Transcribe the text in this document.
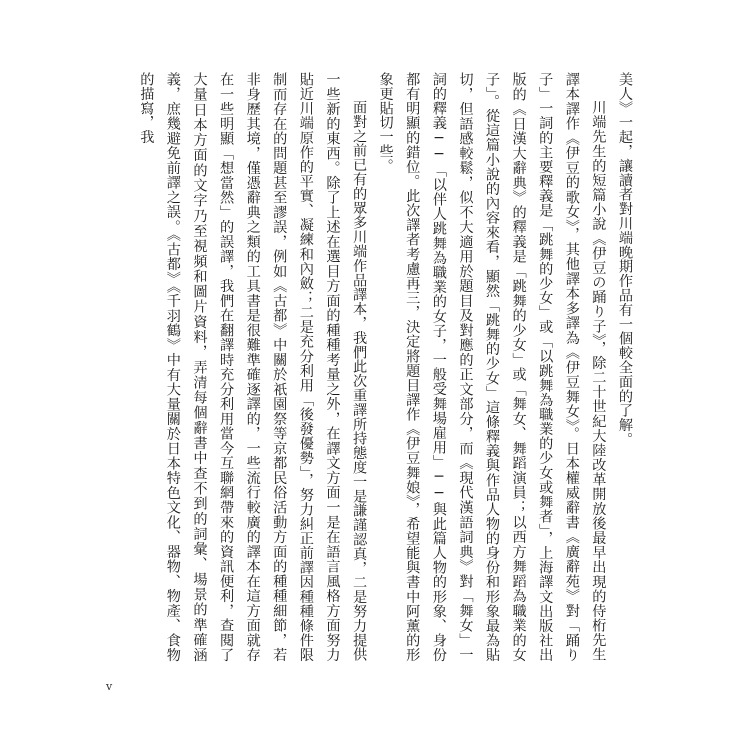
美人》一起，讓讀者對川端晚期作品有一個較全面的了解。

川端先生的短篇小說《伊豆の踊り子》，除二十世紀大陸改革開放後最早出現的侍桁先生譯本譯作《伊豆的歌女》，其他譯本多譯為《伊豆舞女》。日本權威辭書《廣辭苑》對「踊り子」一詞的主要釋義是「跳舞的少女」或「以跳舞為職業的少女或舞者」，上海譯文出版社出版的《日漢大辭典》的釋義是「跳舞的少女」或「舞女、舞蹈演員；以西方舞蹈為職業的女子」。從這篇小說的內容來看，顯然「跳舞的少女」這條釋義與作品人物的身份和形象最為貼切，但語感較鬆，似不大適用於題目及對應的正文部分，而《現代漢語詞典》對「舞女」一詞的釋義──「以伴人跳舞為職業的女子，一般受舞場雇用」──與此篇人物的形象、身份都有明顯的錯位。此次譯者考慮再三，決定將題目譯作《伊豆舞娘》，希望能與書中阿薰的形象更貼切一些。

面對之前已有的眾多川端作品譯本，我們此次重譯所持態度一是謙謹認真，二是努力提供一些新的東西。除了上述在選目方面的種種考量之外，在譯文方面一是在語言風格方面努力貼近川端原作的平實、凝練和內斂；二是充分利用「後發優勢」，努力糾正前譯因種種條件限制而存在的問題甚至謬誤，例如《古都》中關於祇園祭等京都民俗活動方面的種種細節，若非身歷其境，僅憑辭典之類的工具書是很難準確逐譯的，一些流行較廣的譯本在這方面就存在一些明顯「想當然」的誤譯，我們在翻譯時充分利用當今互聯網帶來的資訊便利，查閱了大量日本方面的文字乃至視頻和圖片資料，弄清每個辭書中查不到的詞彙、場景的準確涵義，庶幾避免前譯之誤。《古都》《千羽鶴》中有大量關於日本特色文化、器物、物產、食物的描寫，我

v
